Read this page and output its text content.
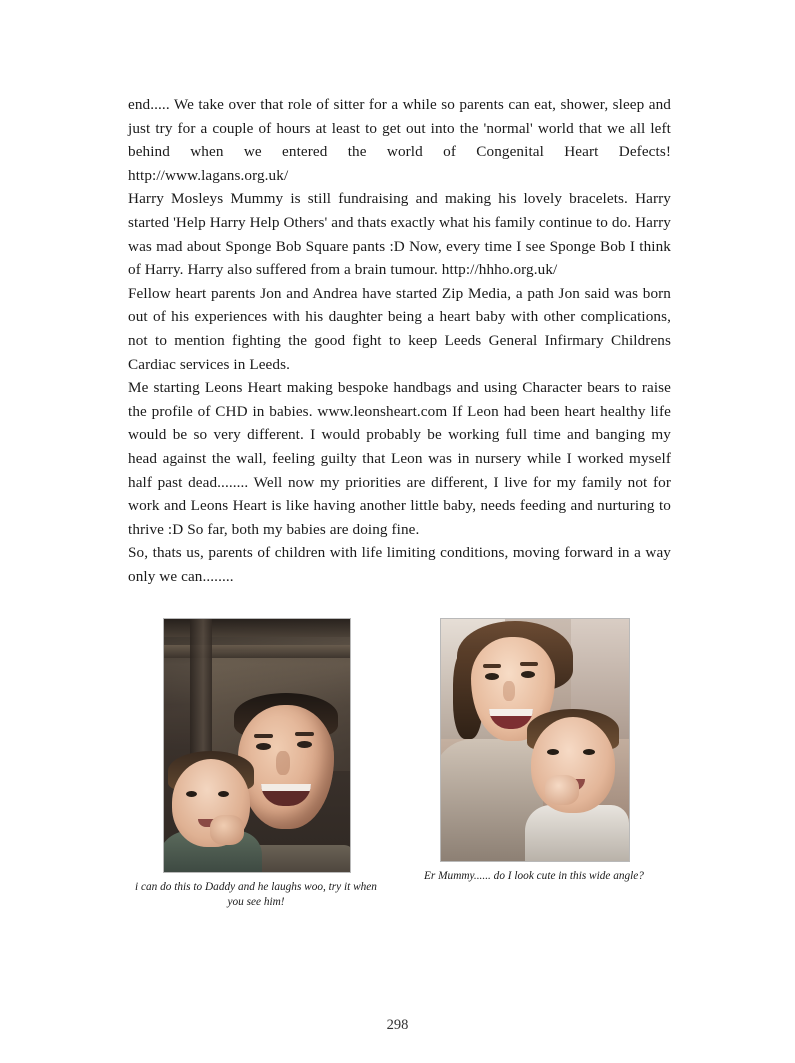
end..... We take over that role of sitter for a while so parents can eat, shower, sleep and just try for a couple of hours at least to get out into the 'normal' world that we all left behind when we entered the world of Congenital Heart Defects! http://www.lagans.org.uk/

Harry Mosleys Mummy is still fundraising and making his lovely bracelets. Harry started 'Help Harry Help Others' and thats exactly what his family continue to do. Harry was mad about Sponge Bob Square pants :D Now, every time I see Sponge Bob I think of Harry. Harry also suffered from a brain tumour. http://hhho.org.uk/

Fellow heart parents Jon and Andrea have started Zip Media, a path Jon said was born out of his experiences with his daughter being a heart baby with other complications, not to mention fighting the good fight to keep Leeds General Infirmary Childrens Cardiac services in Leeds.

Me starting Leons Heart making bespoke handbags and using Character bears to raise the profile of CHD in babies. www.leonsheart.com If Leon had been heart healthy life would be so very different. I would probably be working full time and banging my head against the wall, feeling guilty that Leon was in nursery while I worked myself half past dead........ Well now my priorities are different, I live for my family not for work and Leons Heart is like having another little baby, needs feeding and nurturing to thrive :D So far, both my babies are doing fine.

So, thats us, parents of children with life limiting conditions, moving forward in a way only we can........

i can do this to Daddy and he laughs woo, try it when you see him!
Er Mummy...... do I look cute in this wide angle?
298
